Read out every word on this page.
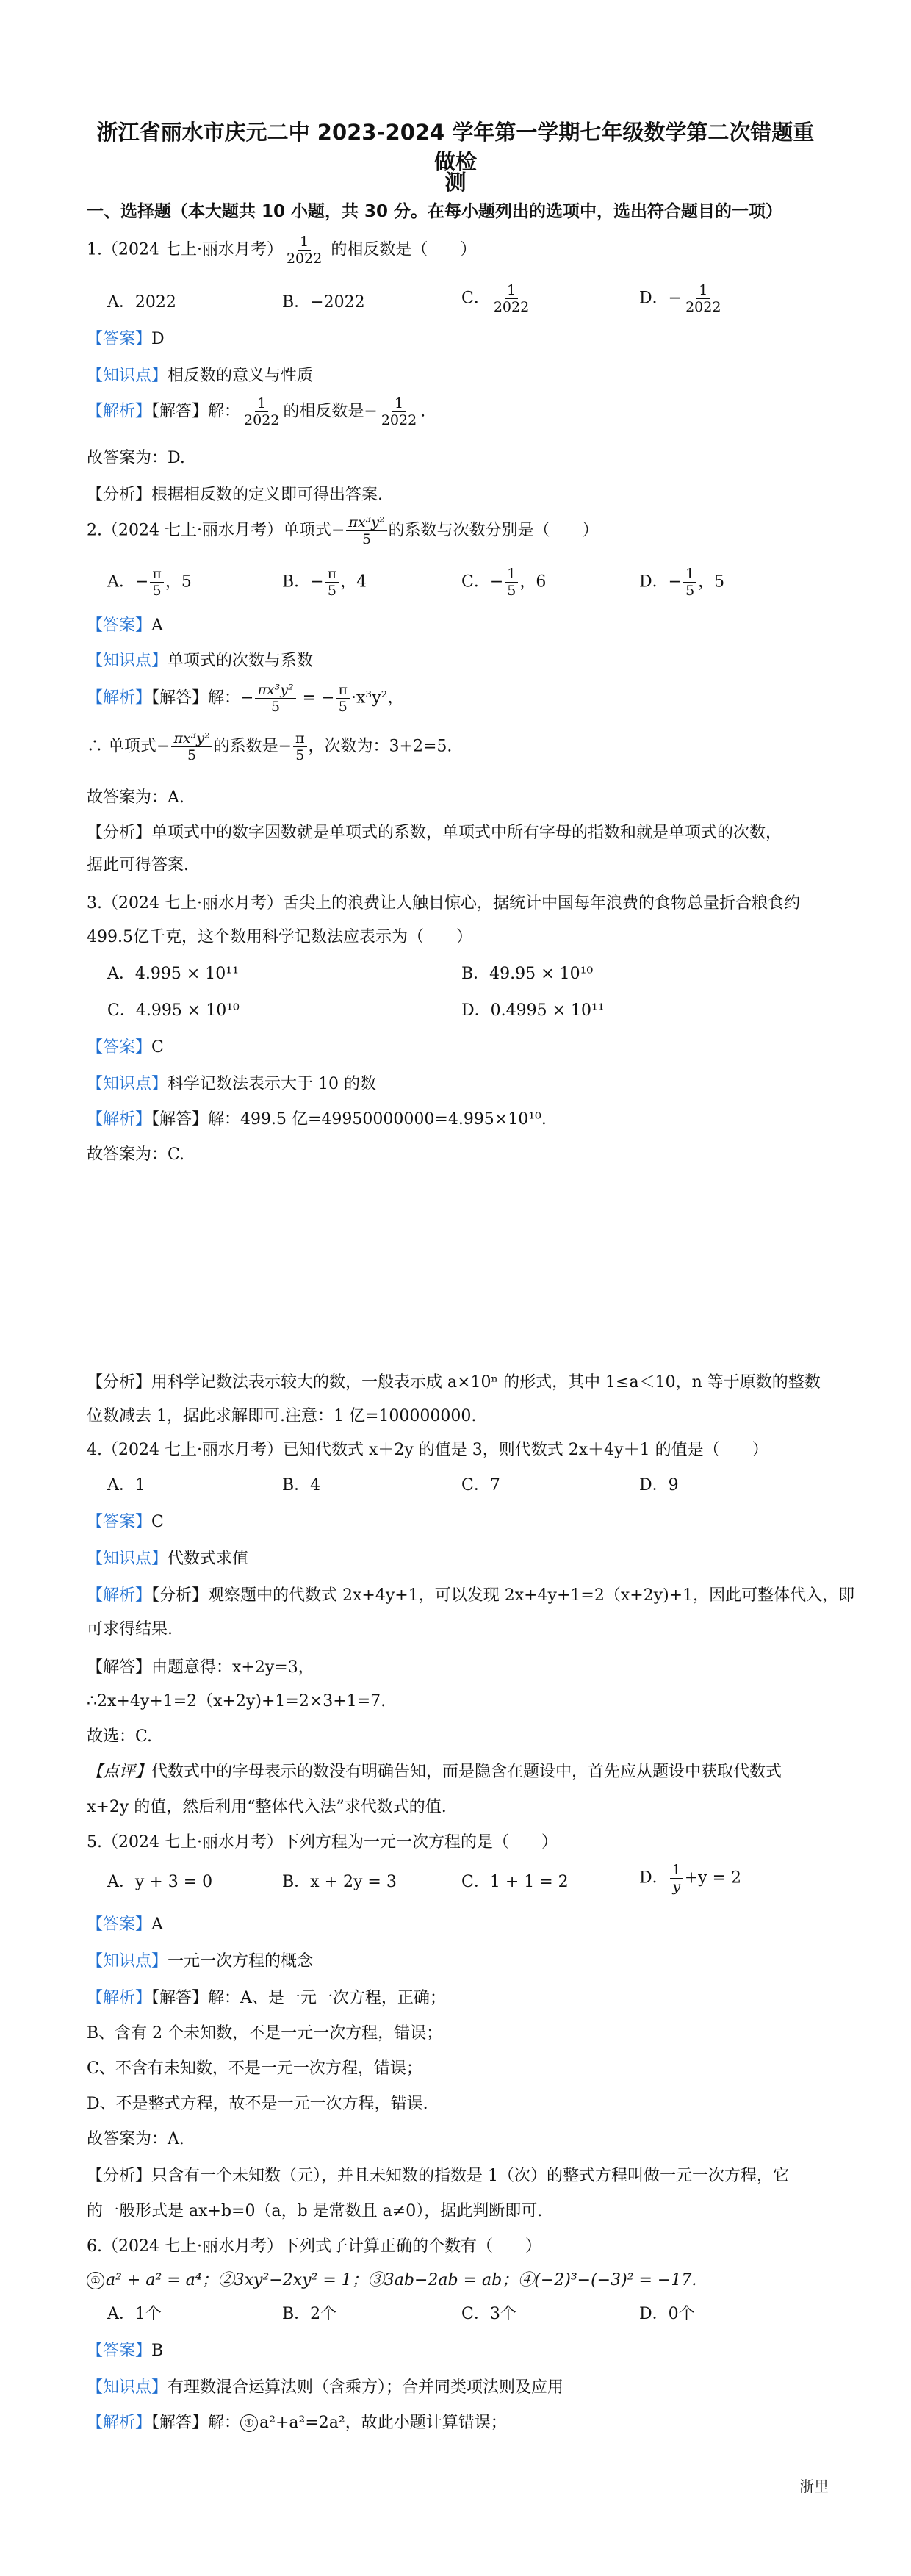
浙江省丽水市庆元二中 2023-2024 学年第一学期七年级数学第二次错题重做检
测
一、选择题（本大题共 10 小题，共 30 分。在每小题列出的选项中，选出符合题目的一项）
1.（2024 七上·丽水月考） $\frac{1}{2022}$ 的相反数是（　　）
A．2022	B．−2022	C． $\frac{1}{2022}$	D．− $\frac{1}{2022}$
【答案】D
【知识点】相反数的意义与性质
【解析】【解答】解： $\frac{1}{2022}$ 的相反数是− $\frac{1}{2022}$ .
故答案为：D.
【分析】根据相反数的定义即可得出答案.
2.（2024 七上·丽水月考）单项式− $\frac{\text{πx³y²}}{5}$ 的系数与次数分别是（　　）
A．− $\frac{\pi}{5}$ ，5	B．− $\frac{\pi}{5}$ ，4	C．− $\frac{1}{5}$ ，6	D．− $\frac{1}{5}$ ，5
【答案】A
【知识点】单项式的次数与系数
【解析】【解答】解：− $\frac{\text{πx³y²}}{5}$ = − $\frac{\pi}{5} \cdot x^3y^2$，
∴ 单项式− $\frac{\text{πx³y²}}{5}$ 的系数是− $\frac{\pi}{5}$ ，次数为：3+2=5.
故答案为：A.
【分析】单项式中的数字因数就是单项式的系数，单项式中所有字母的指数和就是单项式的次数，
据此可得答案.
3.（2024 七上·丽水月考）舌尖上的浪费让人触目惊心，据统计中国每年浪费的食物总量折合粮食约
499.5亿千克，这个数用科学记数法应表示为（　　）
A．4.995 × 10¹¹	B．49.95 × 10¹⁰
C．4.995 × 10¹⁰	D．0.4995 × 10¹¹
【答案】C
【知识点】科学记数法表示大于 10 的数
【解析】【解答】解：499.5 亿=49950000000=4.995×10¹⁰.
故答案为：C.
【分析】用科学记数法表示较大的数，一般表示成 a×10ⁿ 的形式，其中 1≤a＜10，n 等于原数的整数
位数减去 1，据此求解即可.注意：1 亿=100000000.
4.（2024 七上·丽水月考）已知代数式 x＋2y 的值是 3，则代数式 2x＋4y＋1 的值是（　　）
A．1	B．4	C．7	D．9
【答案】C
【知识点】代数式求值
【解析】【分析】观察题中的代数式 2x+4y+1，可以发现 2x+4y+1=2（x+2y)+1，因此可整体代入，即
可求得结果.
【解答】由题意得：x+2y=3，
∴2x+4y+1=2（x+2y)+1=2×3+1=7.
故选：C.
【点评】代数式中的字母表示的数没有明确告知，而是隐含在题设中，首先应从题设中获取代数式
x+2y 的值，然后利用“整体代入法”求代数式的值.
5.（2024 七上·丽水月考）下列方程为一元一次方程的是（　　）
A．y + 3 = 0	B．x + 2y = 3	C．1 + 1 = 2	D． $\frac{1}{y} +y = 2$
【答案】A
【知识点】一元一次方程的概念
【解析】【解答】解：A、是一元一次方程，正确；
B、含有 2 个未知数，不是一元一次方程，错误；
C、不含有未知数，不是一元一次方程，错误；
D、不是整式方程，故不是一元一次方程，错误.
故答案为：A.
【分析】只含有一个未知数（元），并且未知数的指数是 1（次）的整式方程叫做一元一次方程，它
的一般形式是 ax+b=0（a，b 是常数且 a≠0），据此判断即可.
6.（2024 七上·丽水月考）下列式子计算正确的个数有（　　）
① a² + a² = a⁴；②3xy²−2xy² = 1；③3ab−2ab = ab；④(−2)³−(−3)² = −17.
A．1个	B．2个	C．3个	D．0个
【答案】B
【知识点】有理数混合运算法则（含乘方）；合并同类项法则及应用
【解析】【解答】解： ① a²+a²=2a²，故此小题计算错误；
浙里
